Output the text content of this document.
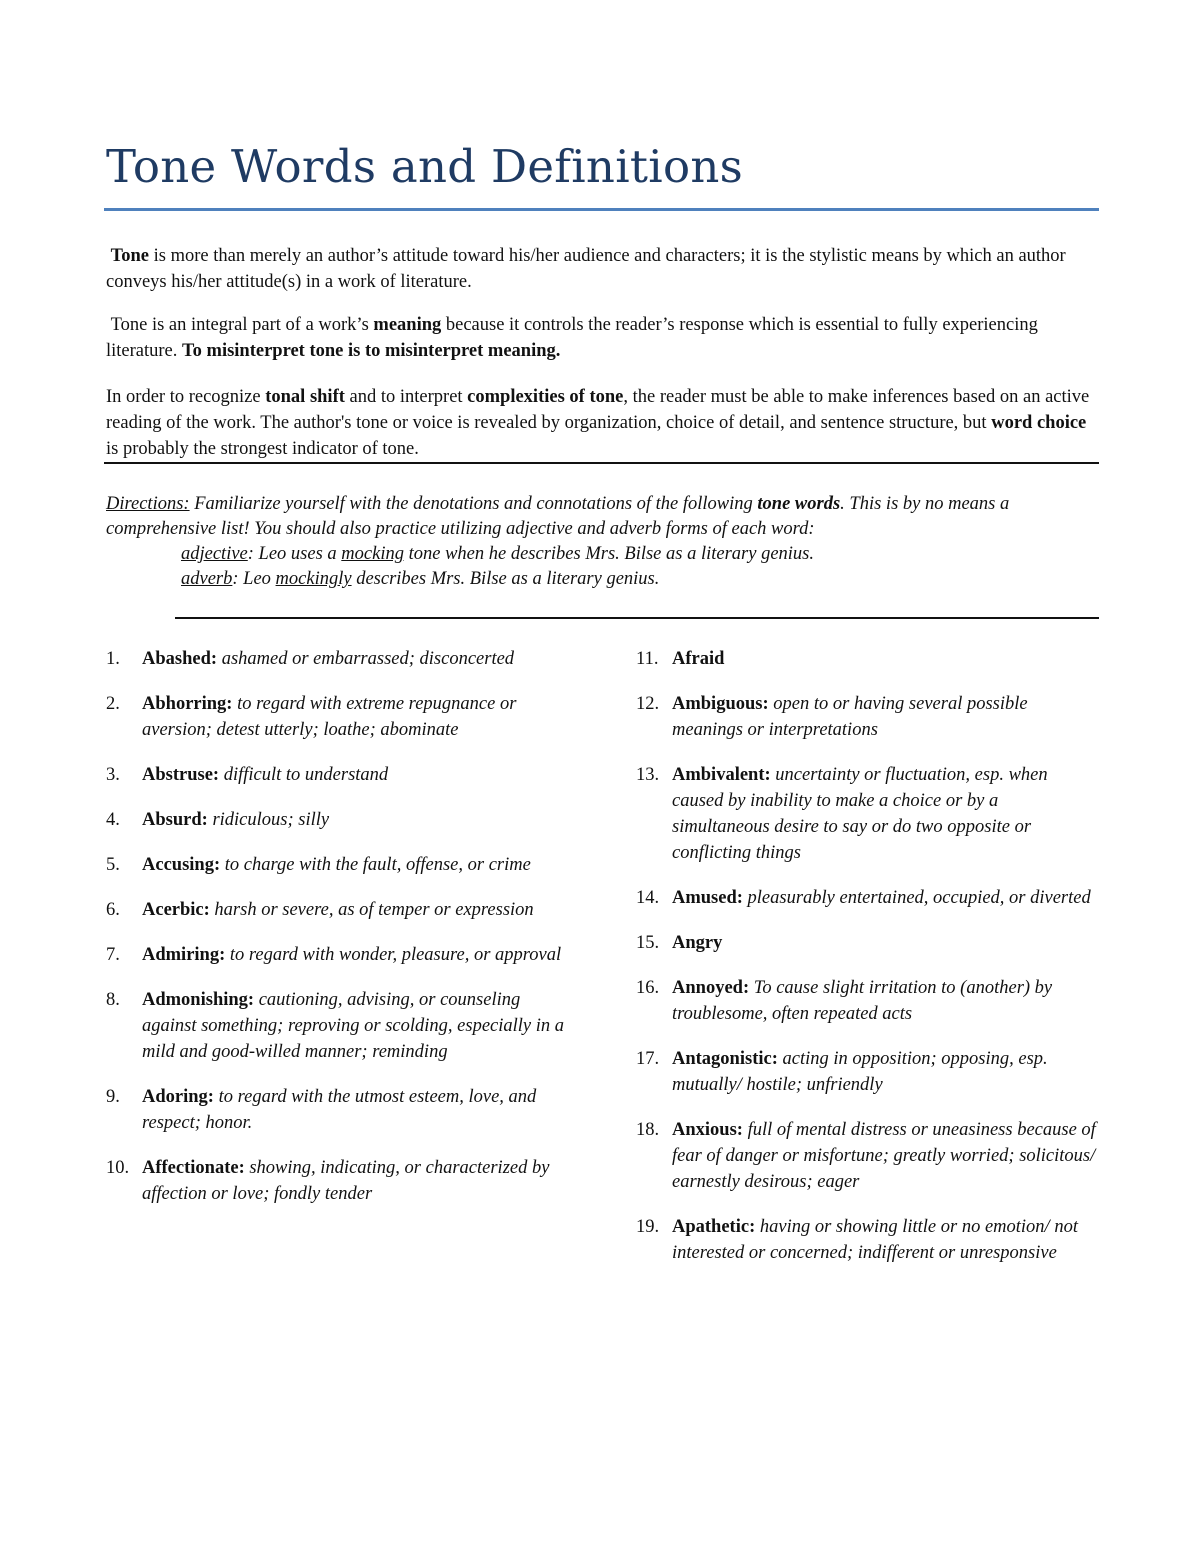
Tone Words and Definitions

Tone is more than merely an author’s attitude toward his/her audience and characters; it is the stylistic means by which an author conveys his/her attitude(s) in a work of literature.

Tone is an integral part of a work’s meaning because it controls the reader’s response which is essential to fully experiencing literature. To misinterpret tone is to misinterpret meaning.

In order to recognize tonal shift and to interpret complexities of tone, the reader must be able to make inferences based on an active reading of the work. The author's tone or voice is revealed by organization, choice of detail, and sentence structure, but word choice is probably the strongest indicator of tone.

Directions: Familiarize yourself with the denotations and connotations of the following tone words. This is by no means a comprehensive list! You should also practice utilizing adjective and adverb forms of each word:

adjective: Leo uses a mocking tone when he describes Mrs. Bilse as a literary genius.

adverb: Leo mockingly describes Mrs. Bilse as a literary genius.

1. Abashed: ashamed or embarrassed; disconcerted
2. Abhorring: to regard with extreme repugnance or aversion; detest utterly; loathe; abominate
3. Abstruse: difficult to understand
4. Absurd: ridiculous; silly
5. Accusing: to charge with the fault, offense, or crime
6. Acerbic: harsh or severe, as of temper or expression
7. Admiring: to regard with wonder, pleasure, or approval
8. Admonishing: cautioning, advising, or counseling against something; reproving or scolding, especially in a mild and good-willed manner; reminding
9. Adoring: to regard with the utmost esteem, love, and respect; honor.
10. Affectionate: showing, indicating, or characterized by affection or love; fondly tender
11. Afraid
12. Ambiguous: open to or having several possible meanings or interpretations
13. Ambivalent: uncertainty or fluctuation, esp. when caused by inability to make a choice or by a simultaneous desire to say or do two opposite or conflicting things
14. Amused: pleasurably entertained, occupied, or diverted
15. Angry
16. Annoyed: To cause slight irritation to (another) by troublesome, often repeated acts
17. Antagonistic: acting in opposition; opposing, esp. mutually/ hostile; unfriendly
18. Anxious: full of mental distress or uneasiness because of fear of danger or misfortune; greatly worried; solicitous/ earnestly desirous; eager
19. Apathetic: having or showing little or no emotion/ not interested or concerned; indifferent or unresponsive
